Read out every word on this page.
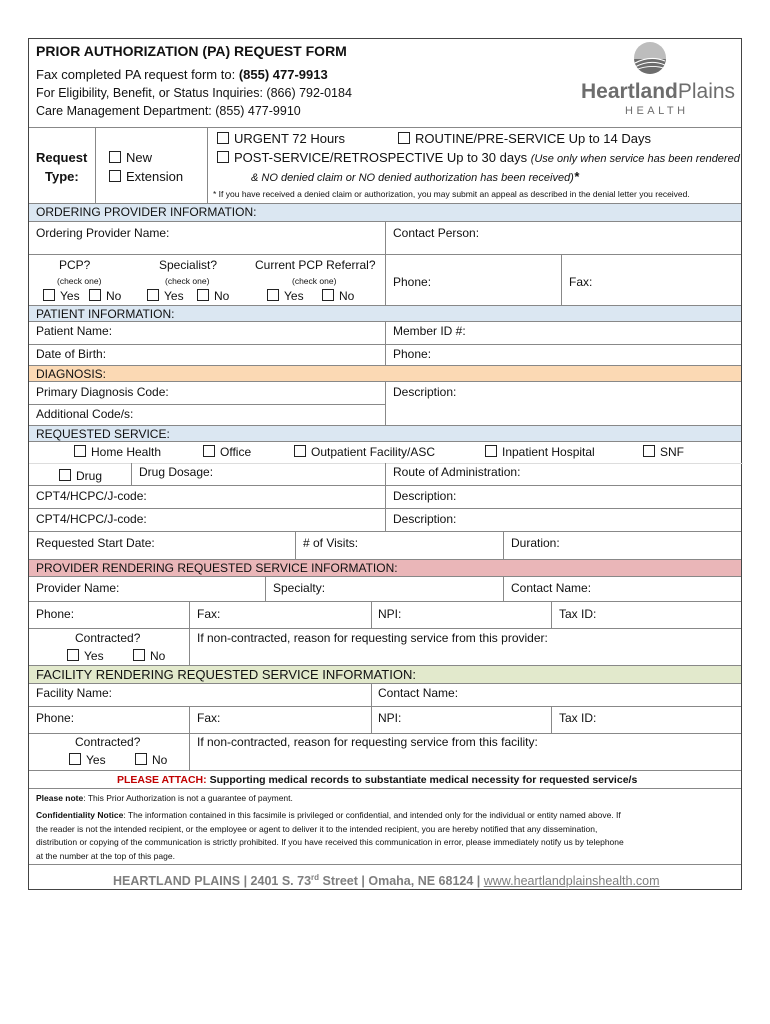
PRIOR AUTHORIZATION (PA) REQUEST FORM
Fax completed PA request form to: (855) 477-9913
For Eligibility, Benefit, or Status Inquiries: (866) 792-0184
Care Management Department: (855) 477-9910
HeartlandPlains
HEALTH
Request
Type:
New
Extension
URGENT 72 Hours	ROUTINE/PRE-SERVICE Up to 14 Days
POST-SERVICE/RETROSPECTIVE Up to 30 days (Use only when service has been rendered
& NO denied claim or NO denied authorization has been received)*
* If you have received a denied claim or authorization, you may submit an appeal as described in the denial letter you received.
ORDERING PROVIDER INFORMATION:
Ordering Provider Name:	Contact Person:
PCP?	Specialist?	Current PCP Referral?
(check one)	(check one)	(check one)
Yes	No	Yes	No	Yes	No
Phone:	Fax:
PATIENT INFORMATION:
Patient Name:	Member ID #:
Date of Birth:	Phone:
DIAGNOSIS:
Primary Diagnosis Code:	Description:
Additional Code/s:
REQUESTED SERVICE:
Home Health	Office	Outpatient Facility/ASC	Inpatient Hospital	SNF
Drug	Drug Dosage:	Route of Administration:
CPT4/HCPC/J-code:	Description:
CPT4/HCPC/J-code:	Description:
Requested Start Date:	# of Visits:	Duration:
PROVIDER RENDERING REQUESTED SERVICE INFORMATION:
Provider Name:	Specialty:	Contact Name:
Phone:	Fax:	NPI:	Tax ID:
Contracted?
Yes	No
If non-contracted, reason for requesting service from this provider:
FACILITY RENDERING REQUESTED SERVICE INFORMATION:
Facility Name:	Contact Name:
Phone:	Fax:	NPI:	Tax ID:
Contracted?
Yes	No
If non-contracted, reason for requesting service from this facility:
PLEASE ATTACH: Supporting medical records to substantiate medical necessity for requested service/s
Please note: This Prior Authorization is not a guarantee of payment.
Confidentiality Notice: The information contained in this facsimile is privileged or confidential, and intended only for the individual or entity named above. If
the reader is not the intended recipient, or the employee or agent to deliver it to the intended recipient, you are hereby notified that any dissemination,
distribution or copying of the communication is strictly prohibited. If you have received this communication in error, please immediately notify us by telephone
at the number at the top of this page.
HEARTLAND PLAINS | 2401 S. 73rd Street | Omaha, NE 68124 | www.heartlandplainshealth.com
